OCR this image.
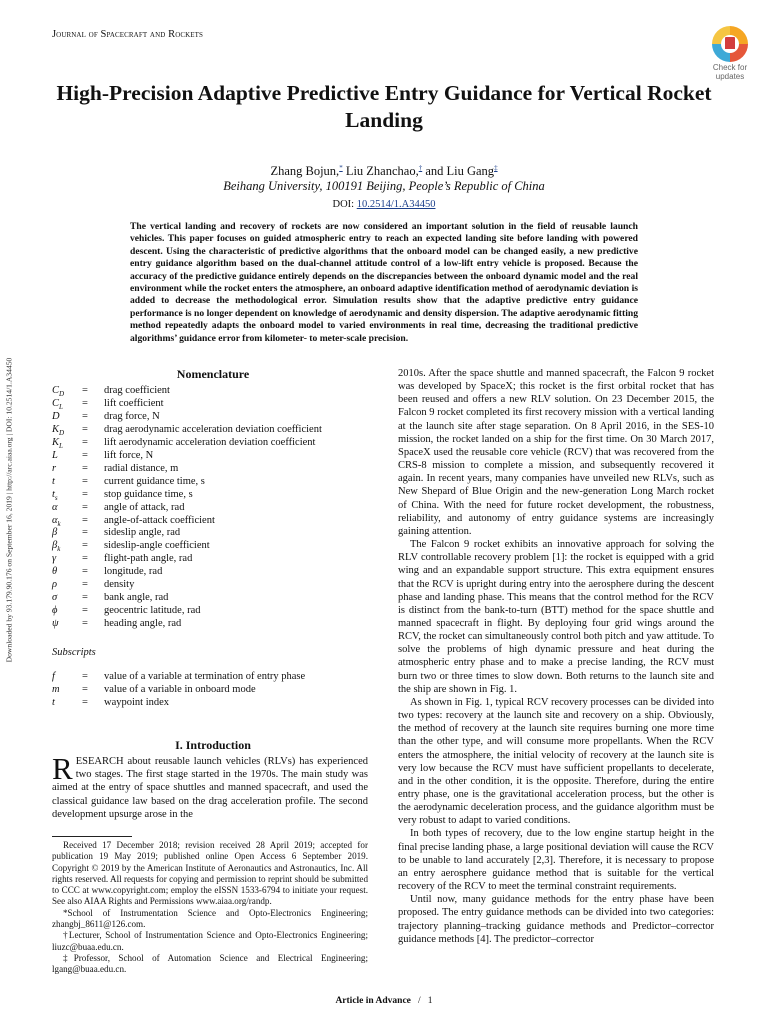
Journal of Spacecraft and Rockets
Check for updates
High-Precision Adaptive Predictive Entry Guidance for Vertical Rocket Landing
Zhang Bojun,* Liu Zhanchao,† and Liu Gang‡
Beihang University, 100191 Beijing, People’s Republic of China
DOI: 10.2514/1.A34450
The vertical landing and recovery of rockets are now considered an important solution in the field of reusable launch vehicles. This paper focuses on guided atmospheric entry to reach an expected landing site before landing with powered descent. Using the characteristic of predictive algorithms that the onboard model can be changed easily, a new predictive entry guidance algorithm based on the dual-channel attitude control of a low-lift entry vehicle is proposed. Because the accuracy of the predictive guidance entirely depends on the discrepancies between the onboard dynamic model and the real environment while the rocket enters the atmosphere, an onboard adaptive identification method of aerodynamic deviation is added to decrease the methodological error. Simulation results show that the adaptive predictive entry guidance performance is no longer dependent on knowledge of aerodynamic and density dispersion. The adaptive aerodynamic fitting method repeatedly adapts the onboard model to varied environments in real time, decreasing the traditional predictive algorithms’ guidance error from kilometer- to meter-scale precision.
Downloaded by 93.179.90.176 on September 16, 2019 | http://arc.aiaa.org | DOI: 10.2514/1.A34450	Nomenclature
$C_D$ = drag coefficient
$C_L$ = lift coefficient
D = drag force, N
$K_D$ = drag aerodynamic acceleration deviation coefficient
$K_L$ = lift aerodynamic acceleration deviation coefficient
L = lift force, N
r = radial distance, m
t	= current guidance time, s
$t_s$ = stop guidance time, s
α = angle of attack, rad
$\alpha_k$ = angle-of-attack coefficient
β = sideslip angle, rad
$\beta_k$ = sideslip-angle coefficient
γ = flight-path angle, rad
θ = longitude, rad
ρ = density
σ = bank angle, rad
ϕ = geocentric latitude, rad
ψ = heading angle, rad
Subscripts
f	= value of a variable at termination of entry phase
m = value of a variable in onboard mode
t	= waypoint index
I. Introduction
RESEARCH about reusable launch vehicles (RLVs) has experienced two stages. The first stage started in the 1970s. The main study was aimed at the entry of space shuttles and manned spacecraft, and used the classical guidance law based on the drag acceleration profile. The second development upsurge arose in the

Received 17 December 2018; revision received 28 April 2019; accepted for publication 19 May 2019; published online Open Access 6 September 2019. Copyright © 2019 by the American Institute of Aeronautics and Astronautics, Inc. All rights reserved. All requests for copying and permission to reprint should be submitted to CCC at www.copyright.com; employ the eISSN 1533-6794 to initiate your request. See also AIAA Rights and Permissions www.aiaa.org/randp.

*School of Instrumentation Science and Opto-Electronics Engineering; zhangbj_8611@126.com.

†Lecturer, School of Instrumentation Science and Opto-Electronics Engineering; liuzc@buaa.edu.cn.

‡Professor, School of Automation Science and Electrical Engineering; lgang@buaa.edu.cn.

2010s. After the space shuttle and manned spacecraft, the Falcon 9 rocket was developed by SpaceX; this rocket is the first orbital rocket that has been reused and offers a new RLV solution. On 23 December 2015, the Falcon 9 rocket completed its first recovery mission with a vertical landing at the launch site after stage separation. On 8 April 2016, in the SES-10 mission, the rocket landed on a ship for the first time. On 30 March 2017, SpaceX used the reusable core vehicle (RCV) that was recovered from the CRS-8 mission to complete a mission, and subsequently recovered it again. In recent years, many companies have unveiled new RLVs, such as New Shepard of Blue Origin and the new-generation Long March rocket of China. With the need for future rocket development, the robustness, reliability, and autonomy of entry guidance systems are increasingly gaining attention.

The Falcon 9 rocket exhibits an innovative approach for solving the RLV controllable recovery problem [1]: the rocket is equipped with a grid wing and an expandable support structure. This extra equipment ensures that the RCV is upright during entry into the aerosphere during the descent phase and landing phase. This means that the control method for the RCV is distinct from the bank-to-turn (BTT) method for the space shuttle and manned spacecraft in flight. By deploying four grid wings around the RCV, the rocket can simultaneously control both pitch and yaw attitude. To solve the problems of high dynamic pressure and heat during the atmospheric entry phase and to make a precise landing, the RCV must burn two or three times to slow down. Both returns to the launch site and the ship are shown in Fig. 1.

As shown in Fig. 1, typical RCV recovery processes can be divided into two types: recovery at the launch site and recovery on a ship. Obviously, the method of recovery at the launch site requires burning one more time than the other type, and will consume more propellants. When the RCV enters the atmosphere, the initial velocity of recovery at the launch site is very low because the RCV must have sufficient propellants to decelerate, and in the other condition, it is the opposite. Therefore, during the entire entry phase, one is the gravitational acceleration process, but the other is the aerodynamic deceleration process, and the guidance algorithm must be very robust to adapt to varied conditions.

In both types of recovery, due to the low engine startup height in the final precise landing phase, a large positional deviation will cause the RCV to be unable to land accurately [2,3]. Therefore, it is necessary to propose an entry aerosphere guidance method that is suitable for the vertical recovery of the RCV to meet the terminal constraint requirements.

Until now, many guidance methods for the entry phase have been proposed. The entry guidance methods can be divided into two categories: trajectory planning–tracking guidance methods and Predictor–corrector guidance methods [4]. The predictor–corrector

Article in Advance / 1
